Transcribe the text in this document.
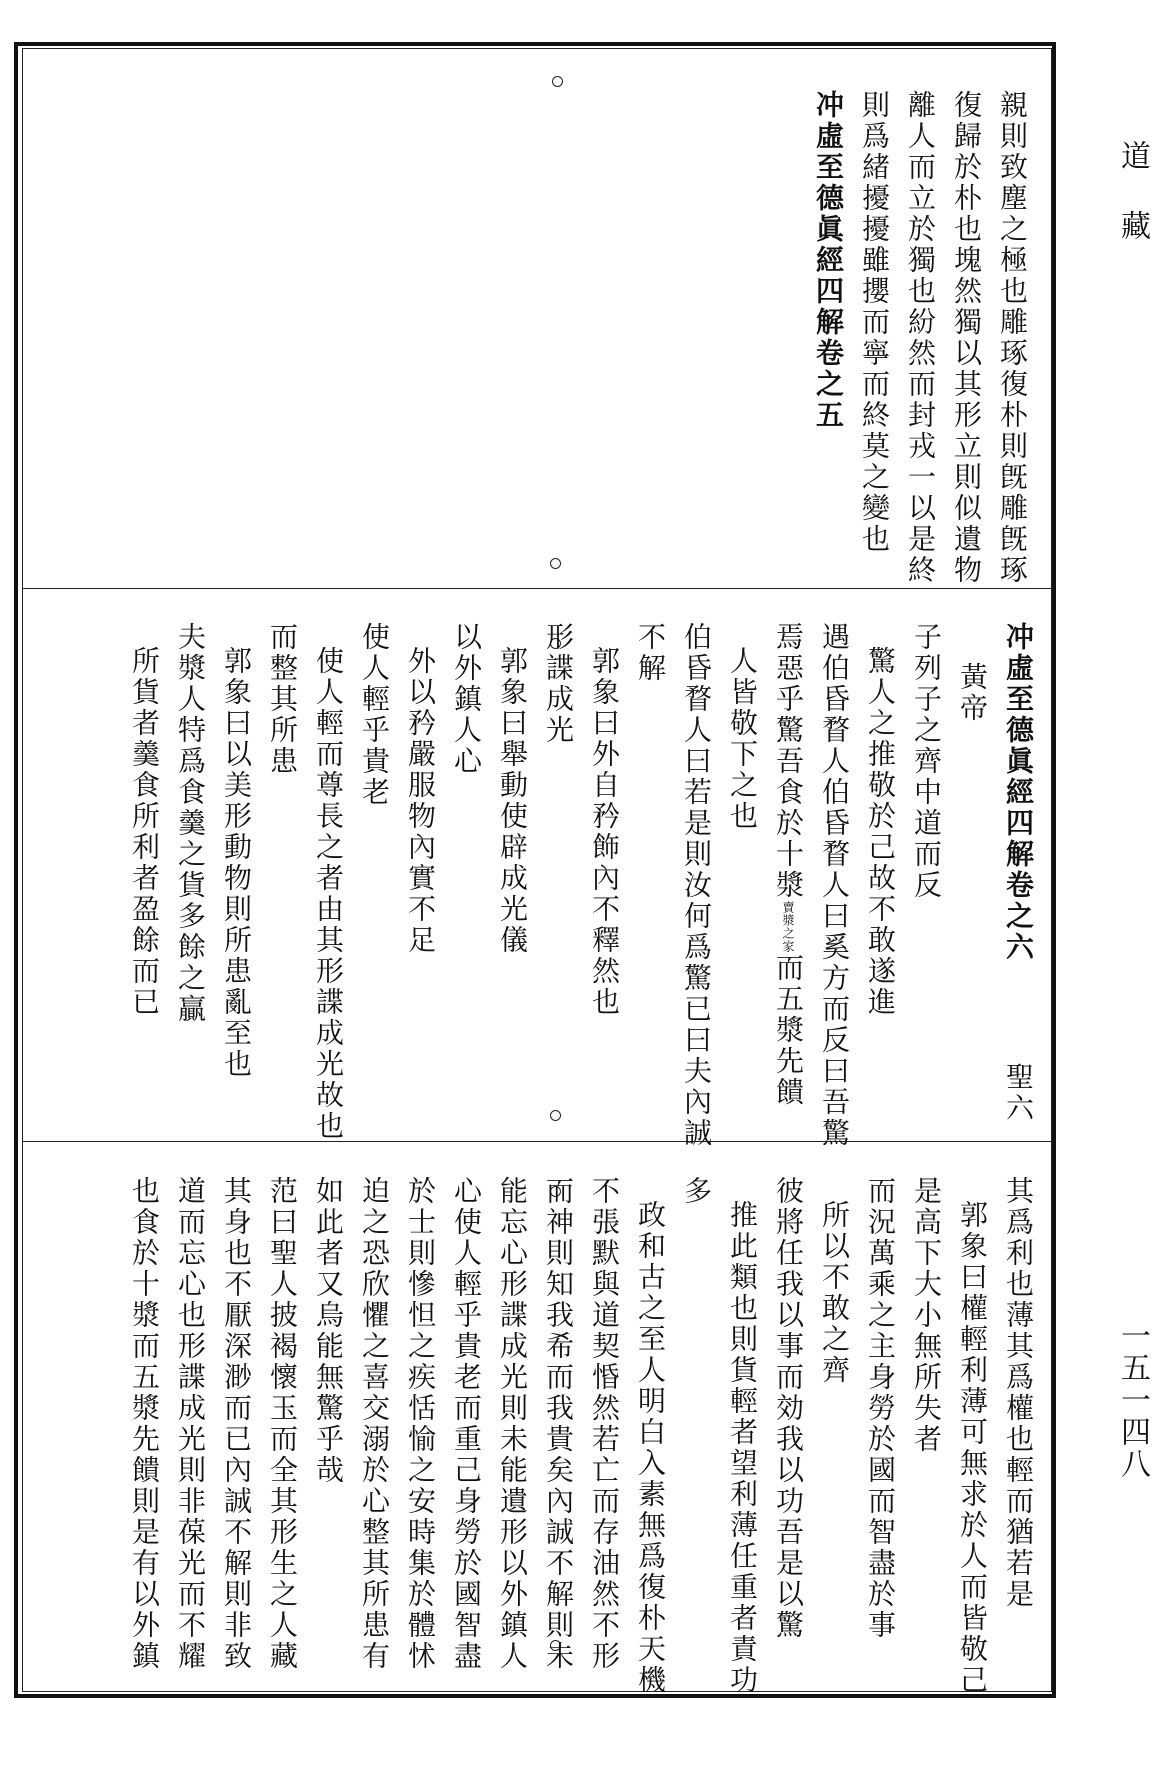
道藏
一五一四八
親則致塵之極也雕琢復朴則旣雕旣琢
復歸於朴也塊然獨以其形立則似遺物
離人而立於獨也紛然而封戎一以是終
則爲緒擾擾雖攖而寧而終莫之變也
冲虛至德眞經四解卷之五
冲虛至德眞經四解卷之六
聖六
黃帝
子列子之齊中道而反
驚人之推敬於己故不敢遂進
遇伯昏瞀人伯昏瞀人曰奚方而反曰吾驚
焉惡乎驚吾食於十漿$^{賣漿之家}$而五漿先饋
人皆敬下之也
伯昏瞀人曰若是則汝何爲驚已曰夫內誠
不解
郭象曰外自矜飾內不釋然也
形諜成光
郭象曰舉動使辟成光儀
以外鎮人心
外以矜嚴服物內實不足
使人輕乎貴老
使人輕而尊長之者由其形諜成光故也
而整其所患
郭象曰以美形動物則所患亂至也
夫漿人特爲食羹之貨多餘之贏
所貨者羹食所利者盈餘而已
其爲利也薄其爲權也輕而猶若是
郭象曰權輕利薄可無求於人而皆敬己
是高下大小無所失者
而況萬乘之主身勞於國而智盡於事
所以不敢之齊
彼將任我以事而効我以功吾是以驚
推此類也則貨輕者望利薄任重者責功
多
政和古之至人明白入素無爲復朴天機
不張默與道契惛然若亡而存油然不形
而神則知我希而我貴矣內誠不解則未
能忘心形諜成光則未能遺形以外鎮人
心使人輕乎貴老而重己身勞於國智盡
於士則慘怛之疾恬愉之安時集於體怵
迫之恐欣懼之喜交溺於心整其所患有
如此者又烏能無驚乎哉
范曰聖人披褐懷玉而全其形生之人藏
其身也不厭深渺而已內誠不解則非致
道而忘心也形諜成光則非葆光而不耀
也食於十漿而五漿先饋則是有以外鎮
